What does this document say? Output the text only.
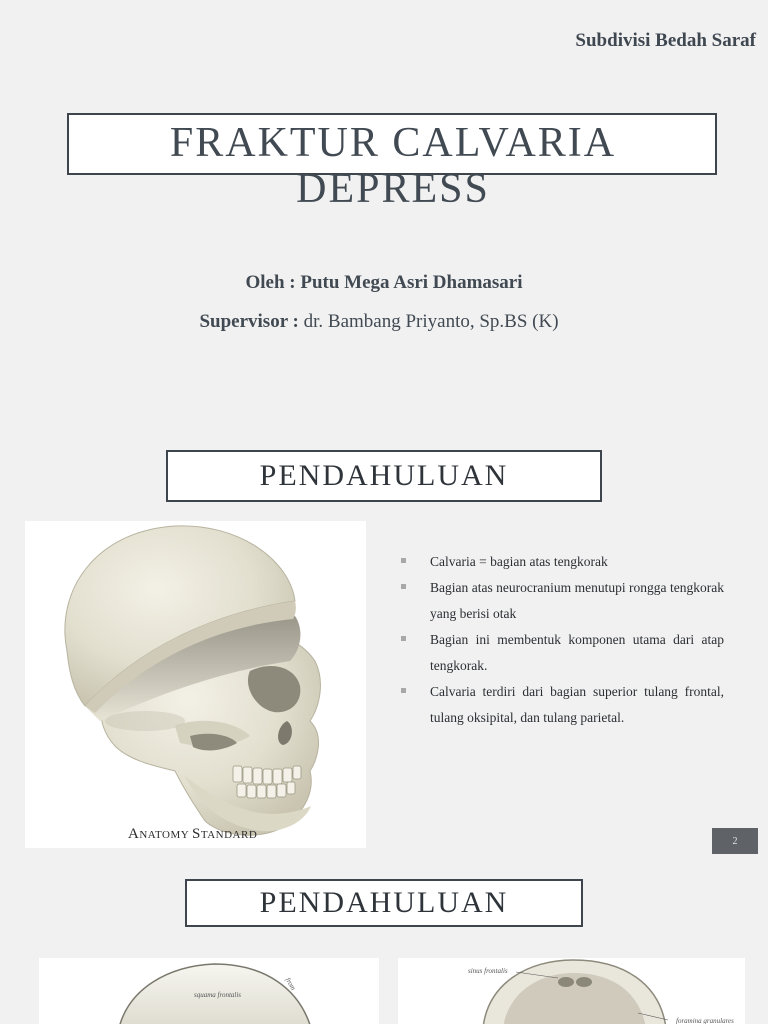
Subdivisi Bedah Saraf
FRAKTUR CALVARIA
DEPRESS
Oleh : Putu Mega Asri Dhamasari
Supervisor : dr. Bambang Priyanto, Sp.BS (K)
PENDAHULUAN
ANATOMY STANDARD
Calvaria = bagian atas tengkorak
Bagian atas neurocranium menutupi rongga tengkorak yang berisi otak
Bagian ini membentuk komponen utama dari atap tengkorak.
Calvaria terdiri dari bagian superior tulang frontal, tulang oksipital, dan tulang parietal.
2
PENDAHULUAN
squama frontalis
from
sinus frontalis
foramina granulares
